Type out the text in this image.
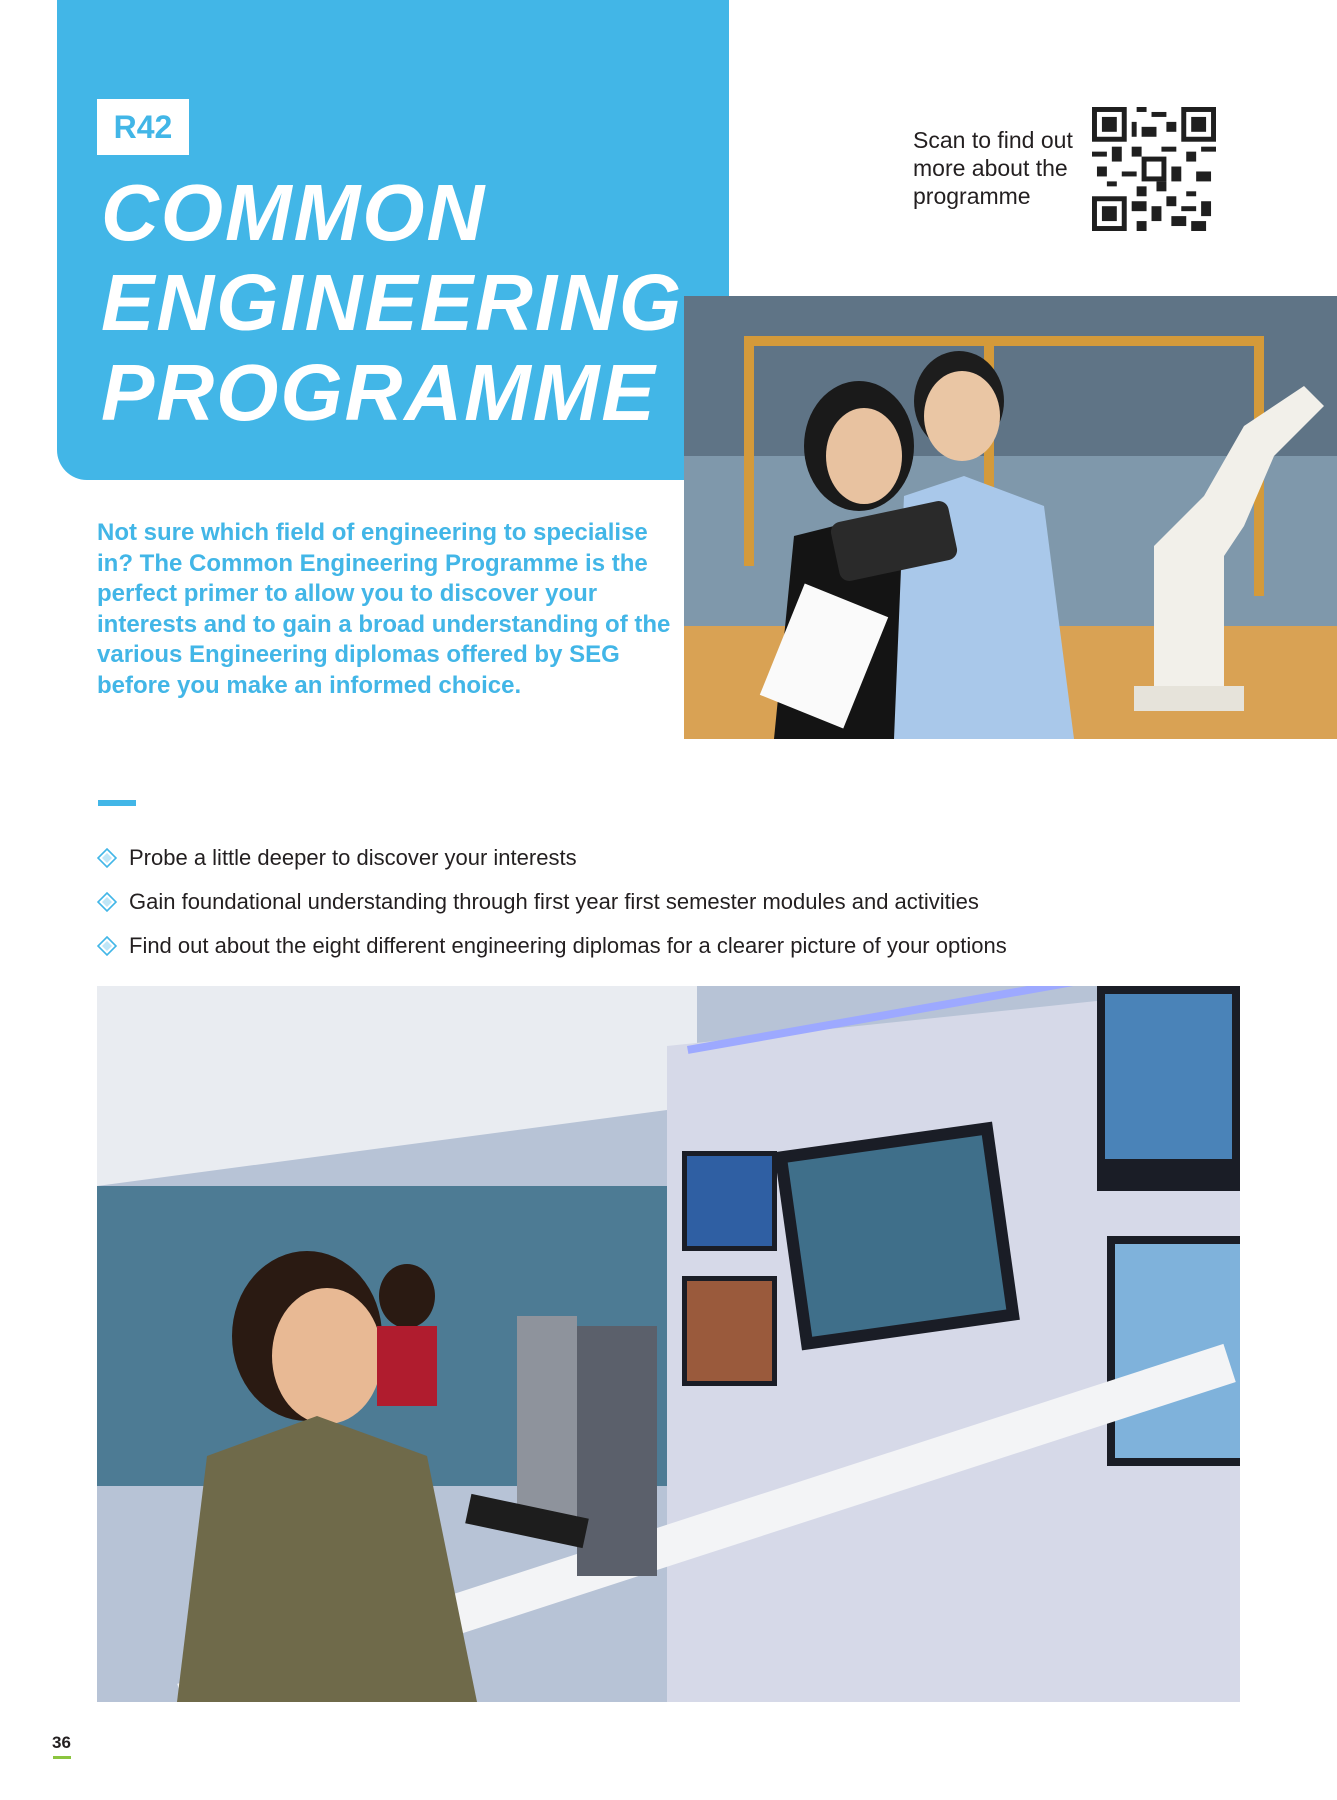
R42
COMMON
ENGINEERING
PROGRAMME
Scan to find out
more about the
programme

Not sure which field of engineering to specialise in? The Common Engineering Programme is the perfect primer to allow you to discover your interests and to gain a broad understanding of the various Engineering diplomas offered by SEG before you make an informed choice.

Probe a little deeper to discover your interests
Gain foundational understanding through first year first semester modules and activities
Find out about the eight different engineering diplomas for a clearer picture of your options
36
